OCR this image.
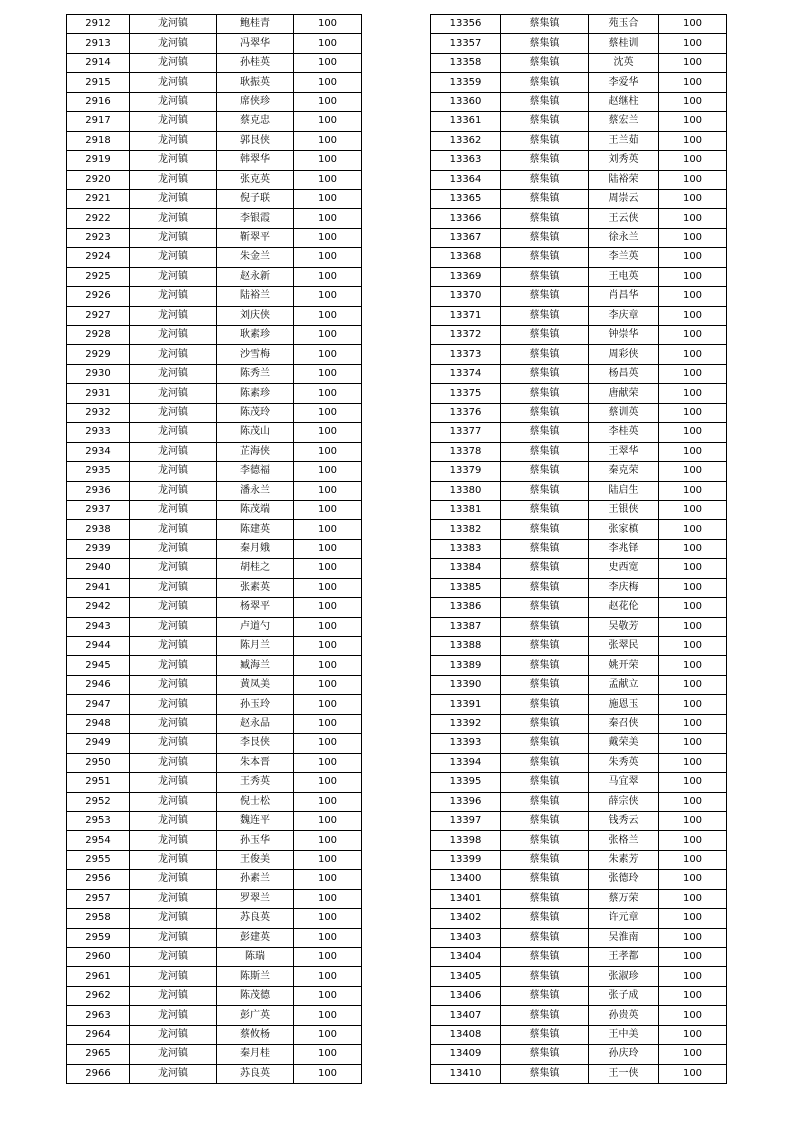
2912	龙河镇	鲍桂青	100
2913	龙河镇	冯翠华	100
2914	龙河镇	孙桂英	100
2915	龙河镇	耿振英	100
2916	龙河镇	席侠珍	100
2917	龙河镇	蔡克忠	100
2918	龙河镇	郭艮侠	100
2919	龙河镇	韩翠华	100
2920	龙河镇	张克英	100
2921	龙河镇	倪子联	100
2922	龙河镇	李银霞	100
2923	龙河镇	靳翠平	100
2924	龙河镇	朱金兰	100
2925	龙河镇	赵永新	100
2926	龙河镇	陆裕兰	100
2927	龙河镇	刘庆侠	100
2928	龙河镇	耿素珍	100
2929	龙河镇	沙雪梅	100
2930	龙河镇	陈秀兰	100
2931	龙河镇	陈素珍	100
2932	龙河镇	陈茂玲	100
2933	龙河镇	陈茂山	100
2934	龙河镇	芷海侠	100
2935	龙河镇	李德福	100
2936	龙河镇	潘永兰	100
2937	龙河镇	陈茂端	100
2938	龙河镇	陈建英	100
2939	龙河镇	秦月娥	100
2940	龙河镇	胡桂之	100
2941	龙河镇	张素英	100
2942	龙河镇	杨翠平	100
2943	龙河镇	卢道勺	100
2944	龙河镇	陈月兰	100
2945	龙河镇	臧海兰	100
2946	龙河镇	黄凤美	100
2947	龙河镇	孙玉玲	100
2948	龙河镇	赵永品	100
2949	龙河镇	李艮侠	100
2950	龙河镇	朱本晋	100
2951	龙河镇	王秀英	100
2952	龙河镇	倪士松	100
2953	龙河镇	魏连平	100
2954	龙河镇	孙玉华	100
2955	龙河镇	王俊美	100
2956	龙河镇	孙素兰	100
2957	龙河镇	罗翠兰	100
2958	龙河镇	苏良英	100
2959	龙河镇	彭建英	100
2960	龙河镇	陈瑞	100
2961	龙河镇	陈斯兰	100
2962	龙河镇	陈茂德	100
2963	龙河镇	彭广英	100
2964	龙河镇	蔡攸杨	100
2965	龙河镇	秦月桂	100
2966	龙河镇	苏良英	100
13356	蔡集镇	苑玉合	100
13357	蔡集镇	蔡桂训	100
13358	蔡集镇	沈英	100
13359	蔡集镇	李爱华	100
13360	蔡集镇	赵继柱	100
13361	蔡集镇	蔡宏兰	100
13362	蔡集镇	王兰茹	100
13363	蔡集镇	刘秀英	100
13364	蔡集镇	陆裕荣	100
13365	蔡集镇	周崇云	100
13366	蔡集镇	王云侠	100
13367	蔡集镇	徐永兰	100
13368	蔡集镇	李兰英	100
13369	蔡集镇	王电英	100
13370	蔡集镇	肖昌华	100
13371	蔡集镇	李庆章	100
13372	蔡集镇	钟崇华	100
13373	蔡集镇	周彩侠	100
13374	蔡集镇	杨昌英	100
13375	蔡集镇	唐献荣	100
13376	蔡集镇	蔡训英	100
13377	蔡集镇	李桂英	100
13378	蔡集镇	王翠华	100
13379	蔡集镇	秦克荣	100
13380	蔡集镇	陆启生	100
13381	蔡集镇	王银侠	100
13382	蔡集镇	张家槙	100
13383	蔡集镇	李兆铎	100
13384	蔡集镇	史西宽	100
13385	蔡集镇	李庆梅	100
13386	蔡集镇	赵花伦	100
13387	蔡集镇	吴敬芳	100
13388	蔡集镇	张翠民	100
13389	蔡集镇	姚开荣	100
13390	蔡集镇	孟献立	100
13391	蔡集镇	施恩玉	100
13392	蔡集镇	秦召侠	100
13393	蔡集镇	戴荣美	100
13394	蔡集镇	朱秀英	100
13395	蔡集镇	马宜翠	100
13396	蔡集镇	薛宗侠	100
13397	蔡集镇	钱秀云	100
13398	蔡集镇	张格兰	100
13399	蔡集镇	朱素芳	100
13400	蔡集镇	张德玲	100
13401	蔡集镇	蔡万荣	100
13402	蔡集镇	许元章	100
13403	蔡集镇	吴淮南	100
13404	蔡集镇	王孝都	100
13405	蔡集镇	张淑珍	100
13406	蔡集镇	张子成	100
13407	蔡集镇	孙贵英	100
13408	蔡集镇	王中美	100
13409	蔡集镇	孙庆玲	100
13410	蔡集镇	王一侠	100
